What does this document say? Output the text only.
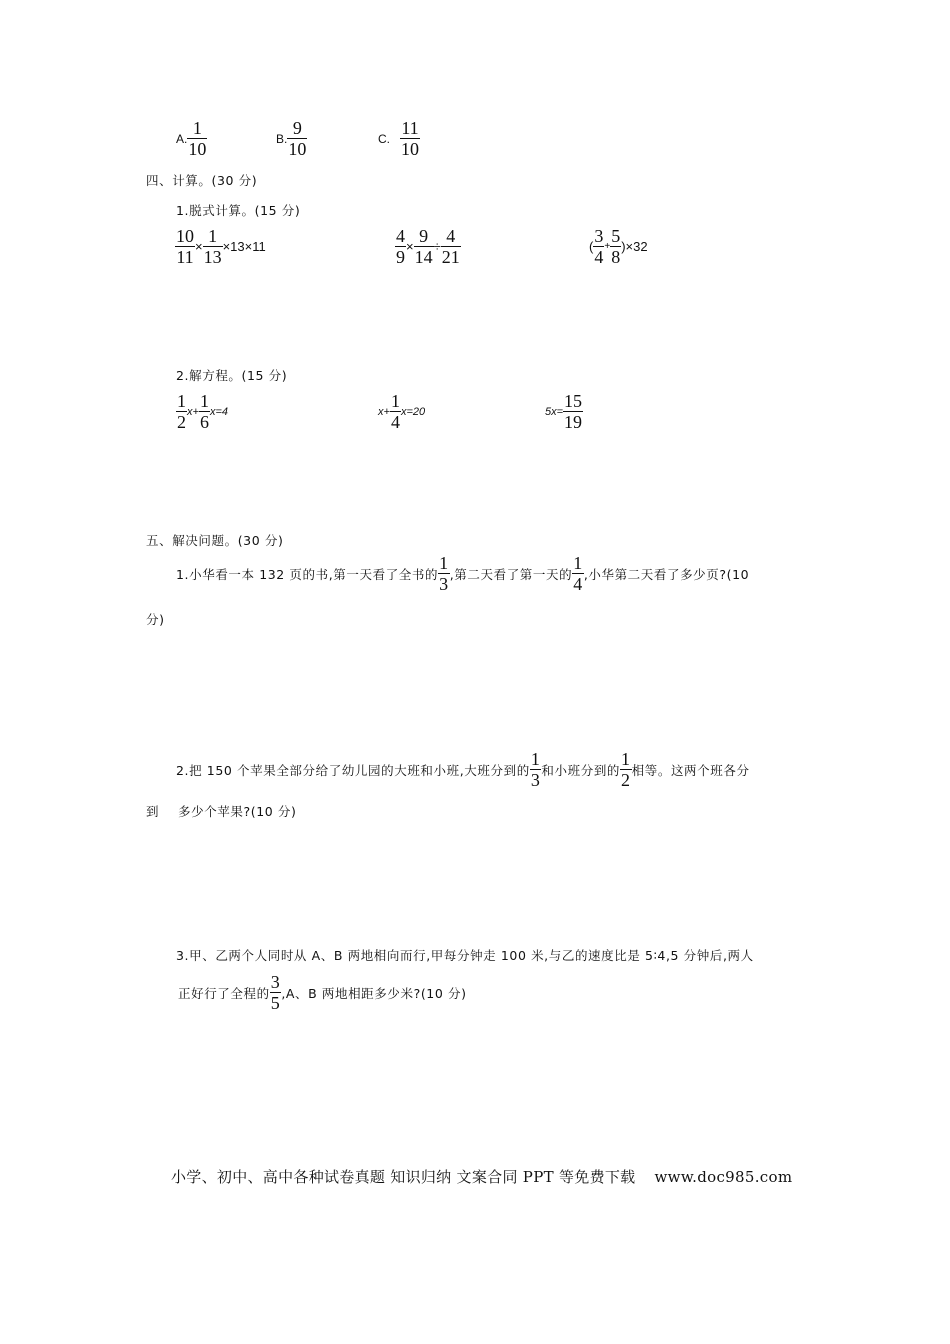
A. $\frac{1}{10}$	B. $\frac{9}{10}$	C. $\frac{11}{10}$
四、计算。(30 分)
1.脱式计算。(15 分)
$\frac{10}{11} \times \frac{1}{13} \times 13\times 11$	$\frac{4}{9} \times \frac{9}{14} \div \frac{4}{21}$	( $\frac{3}{4} + \frac{5}{8}$ ) ×32
2.解方程。(15 分)
$\frac{1}{2} x+ \frac{1}{6} x=4$	$x+ \frac{1}{4} x=20$	$5x= \frac{15}{19}$
五、解决问题。(30 分)
1.小华看一本 132 页的书,第一天看了全书的 $\frac{1}{3}$ ,第二天看了第一天的 $\frac{1}{4}$ ,小华第二天看了多少页?(10
分)
2.把 150 个苹果全部分给了幼儿园的大班和小班,大班分到的 $\frac{1}{3}$ 和小班分到的 $\frac{1}{2}$ 相等。这两个班各分
到 多少个苹果?(10 分)
3.甲、乙两个人同时从 A、B 两地相向而行,甲每分钟走 100 米,与乙的速度比是 5∶4,5 分钟后,两人
正好行了全程的 $\frac{3}{5} ,A$、B 两地相距多少米?(10 分)
小学、初中、高中各种试卷真题 知识归纳 文案合同 PPT 等免费下载 www.doc985.com
